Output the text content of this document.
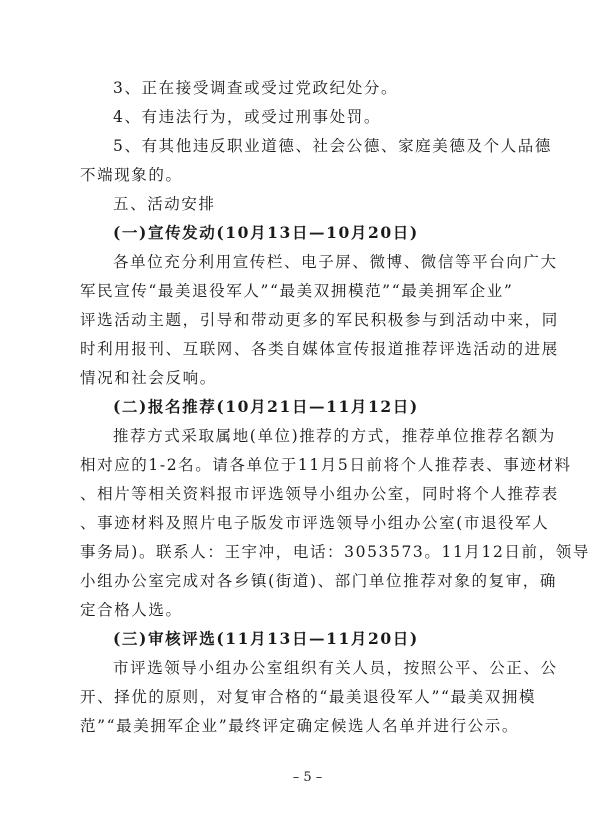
3、正在接受调查或受过党政纪处分。
4、有违法行为，或受过刑事处罚。
5、有其他违反职业道德、社会公德、家庭美德及个人品德
不端现象的。
五、活动安排
(一)宣传发动(10月13日—10月20日)
各单位充分利用宣传栏、电子屏、微博、微信等平台向广大
军民宣传“最美退役军人”“最美双拥模范”“最美拥军企业”
评选活动主题，引导和带动更多的军民积极参与到活动中来，同
时利用报刊、互联网、各类自媒体宣传报道推荐评选活动的进展
情况和社会反响。
(二)报名推荐(10月21日—11月12日)
推荐方式采取属地(单位)推荐的方式，推荐单位推荐名额为
相对应的1-2名。请各单位于11月5日前将个人推荐表、事迹材料
、相片等相关资料报市评选领导小组办公室，同时将个人推荐表
、事迹材料及照片电子版发市评选领导小组办公室(市退役军人
事务局)。联系人：王宇冲，电话：3053573。11月12日前，领导
小组办公室完成对各乡镇(街道)、部门单位推荐对象的复审，确
定合格人选。
(三)审核评选(11月13日—11月20日)
市评选领导小组办公室组织有关人员，按照公平、公正、公
开、择优的原则，对复审合格的“最美退役军人”“最美双拥模
范”“最美拥军企业”最终评定确定候选人名单并进行公示。
– 5 –
